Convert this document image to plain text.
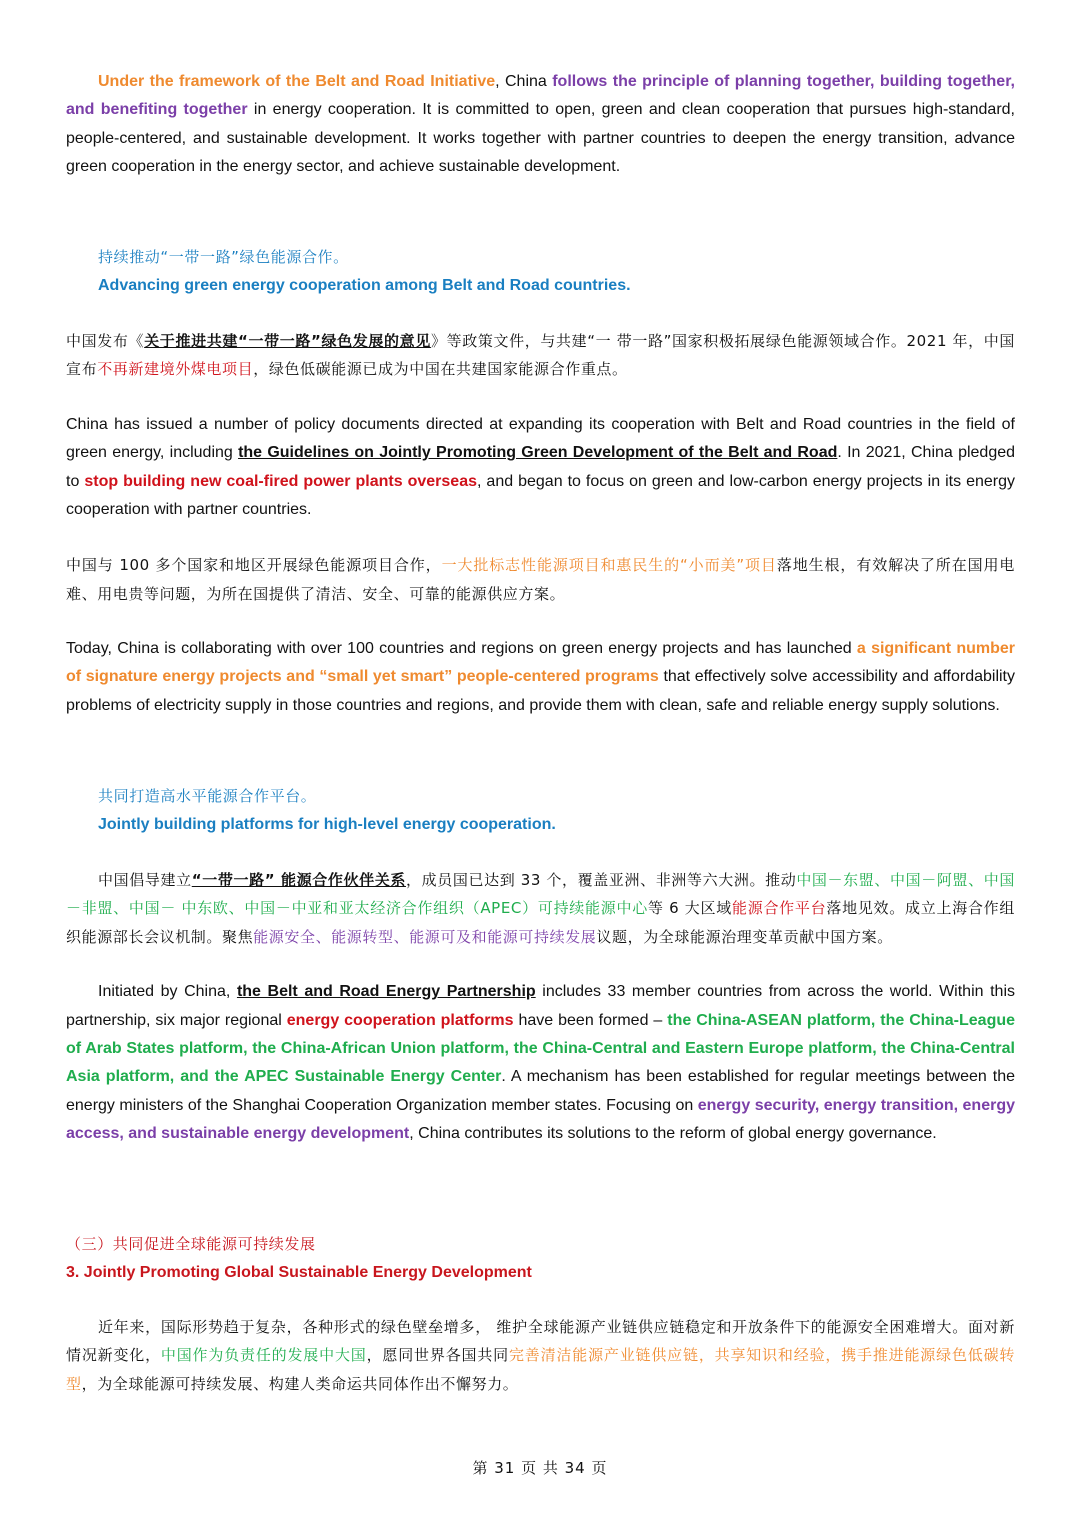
Under the framework of the Belt and Road Initiative, China follows the principle of planning together, building together, and benefiting together in energy cooperation. It is committed to open, green and clean cooperation that pursues high-standard, people-centered, and sustainable development. It works together with partner countries to deepen the energy transition, advance green cooperation in the energy sector, and achieve sustainable development.

持续推动“一带一路”绿色能源合作。

Advancing green energy cooperation among Belt and Road countries.

中国发布《关于推进共建“一带一路”绿色发展的意见》等政策文件，与共建“一 带一路”国家积极拓展绿色能源领域合作。2021 年，中国宣布不再新建境外煤电项目，绿色低碳能源已成为中国在共建国家能源合作重点。

China has issued a number of policy documents directed at expanding its cooperation with Belt and Road countries in the field of green energy, including the Guidelines on Jointly Promoting Green Development of the Belt and Road. In 2021, China pledged to stop building new coal-fired power plants overseas, and began to focus on green and low-carbon energy projects in its energy cooperation with partner countries.

中国与 100 多个国家和地区开展绿色能源项目合作，一大批标志性能源项目和惠民生的“小而美”项目落地生根，有效解决了所在国用电难、用电贵等问题，为所在国提供了清洁、安全、可靠的能源供应方案。

Today, China is collaborating with over 100 countries and regions on green energy projects and has launched a significant number of signature energy projects and “small yet smart” people-centered programs that effectively solve accessibility and affordability problems of electricity supply in those countries and regions, and provide them with clean, safe and reliable energy supply solutions.

共同打造高水平能源合作平台。

Jointly building platforms for high-level energy cooperation.

中国倡导建立“一带一路” 能源合作伙伴关系，成员国已达到 33 个，覆盖亚洲、非洲等六大洲。推动中国－东盟、中国－阿盟、中国－非盟、中国－ 中东欧、中国－中亚和亚太经济合作组织（APEC）可持续能源中心等 6 大区域能源合作平台落地见效。成立上海合作组织能源部长会议机制。聚焦能源安全、能源转型、能源可及和能源可持续发展议题，为全球能源治理变革贡献中国方案。

Initiated by China, the Belt and Road Energy Partnership includes 33 member countries from across the world. Within this partnership, six major regional energy cooperation platforms have been formed – the China-ASEAN platform, the China-League of Arab States platform, the China-African Union platform, the China-Central and Eastern Europe platform, the China-Central Asia platform, and the APEC Sustainable Energy Center. A mechanism has been established for regular meetings between the energy ministers of the Shanghai Cooperation Organization member states. Focusing on energy security, energy transition, energy access, and sustainable energy development, China contributes its solutions to the reform of global energy governance.

（三）共同促进全球能源可持续发展

3. Jointly Promoting Global Sustainable Energy Development

近年来，国际形势趋于复杂，各种形式的绿色壁垒增多， 维护全球能源产业链供应链稳定和开放条件下的能源安全困难增大。面对新情况新变化，中国作为负责任的发展中大国，愿同世界各国共同完善清洁能源产业链供应链，共享知识和经验，携手推进能源绿色低碳转型，为全球能源可持续发展、构建人类命运共同体作出不懈努力。

第 31 页 共 34 页
